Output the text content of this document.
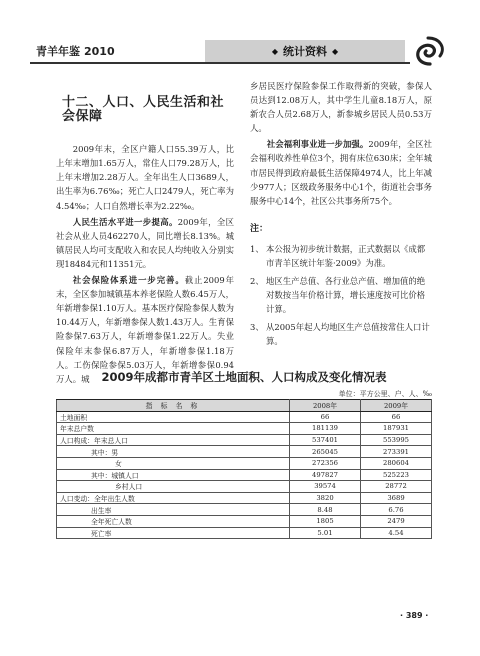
青羊年鉴 2010	◆ 统计资料 ◆
十二、人口、人民生活和社会保障

2009年末，全区户籍人口55.39万人，比上年末增加1.65万人，常住人口79.28万人，比上年末增加2.28万人。全年出生人口3689人，出生率为6.76‰；死亡人口2479人，死亡率为4.54‰；人口自然增长率为2.22‰。

人民生活水平进一步提高。2009年，全区社会从业人员462270人，同比增长8.13%。城镇居民人均可支配收入和农民人均纯收入分别实现18484元和11351元。

社会保险体系进一步完善。截止2009年末，全区参加城镇基本养老保险人数6.45万人，年新增参保1.10万人。基本医疗保险参保人数为10.44万人，年新增参保人数1.43万人。生育保险参保7.63万人，年新增参保1.22万人。失业保险年末参保6.87万人，年新增参保1.18万人。工伤保险参保5.03万人，年新增参保0.94万人。城

乡居民医疗保险参保工作取得新的突破，参保人员达到12.08万人，其中学生儿童8.18万人，原新农合人员2.68万人，新参城乡居民人员0.53万人。

社会福利事业进一步加强。2009年，全区社会福利收养性单位3个，拥有床位630床；全年城市居民得到政府最低生活保障4974人，比上年减少977人；区级政务服务中心1个，街道社会事务服务中心14个，社区公共事务所75个。

注：
1、 本公报为初步统计数据，正式数据以《成都市青羊区统计年鉴·2009》为准。
2、 地区生产总值、各行业总产值、增加值的绝对数按当年价格计算，增长速度按可比价格计算。
3、 从2005年起人均地区生产总值按常住人口计算。
2009年成都市青羊区土地面积、人口构成及变化情况表
单位：平方公里、户、人、‰
指 标 名 称	2008年	2009年
土地面积	66	66
年末总户数	181139	187931
人口构成：年末总人口	537401	553995
其中：男	265045	273391
女	272356	280604
其中：城镇人口	497827	525223
乡村人口	39574	28772
人口变动：全年出生人数	3820	3689
出生率	8.48	6.76
全年死亡人数	1805	2479
死亡率	5.01	4.54
· 389 ·
